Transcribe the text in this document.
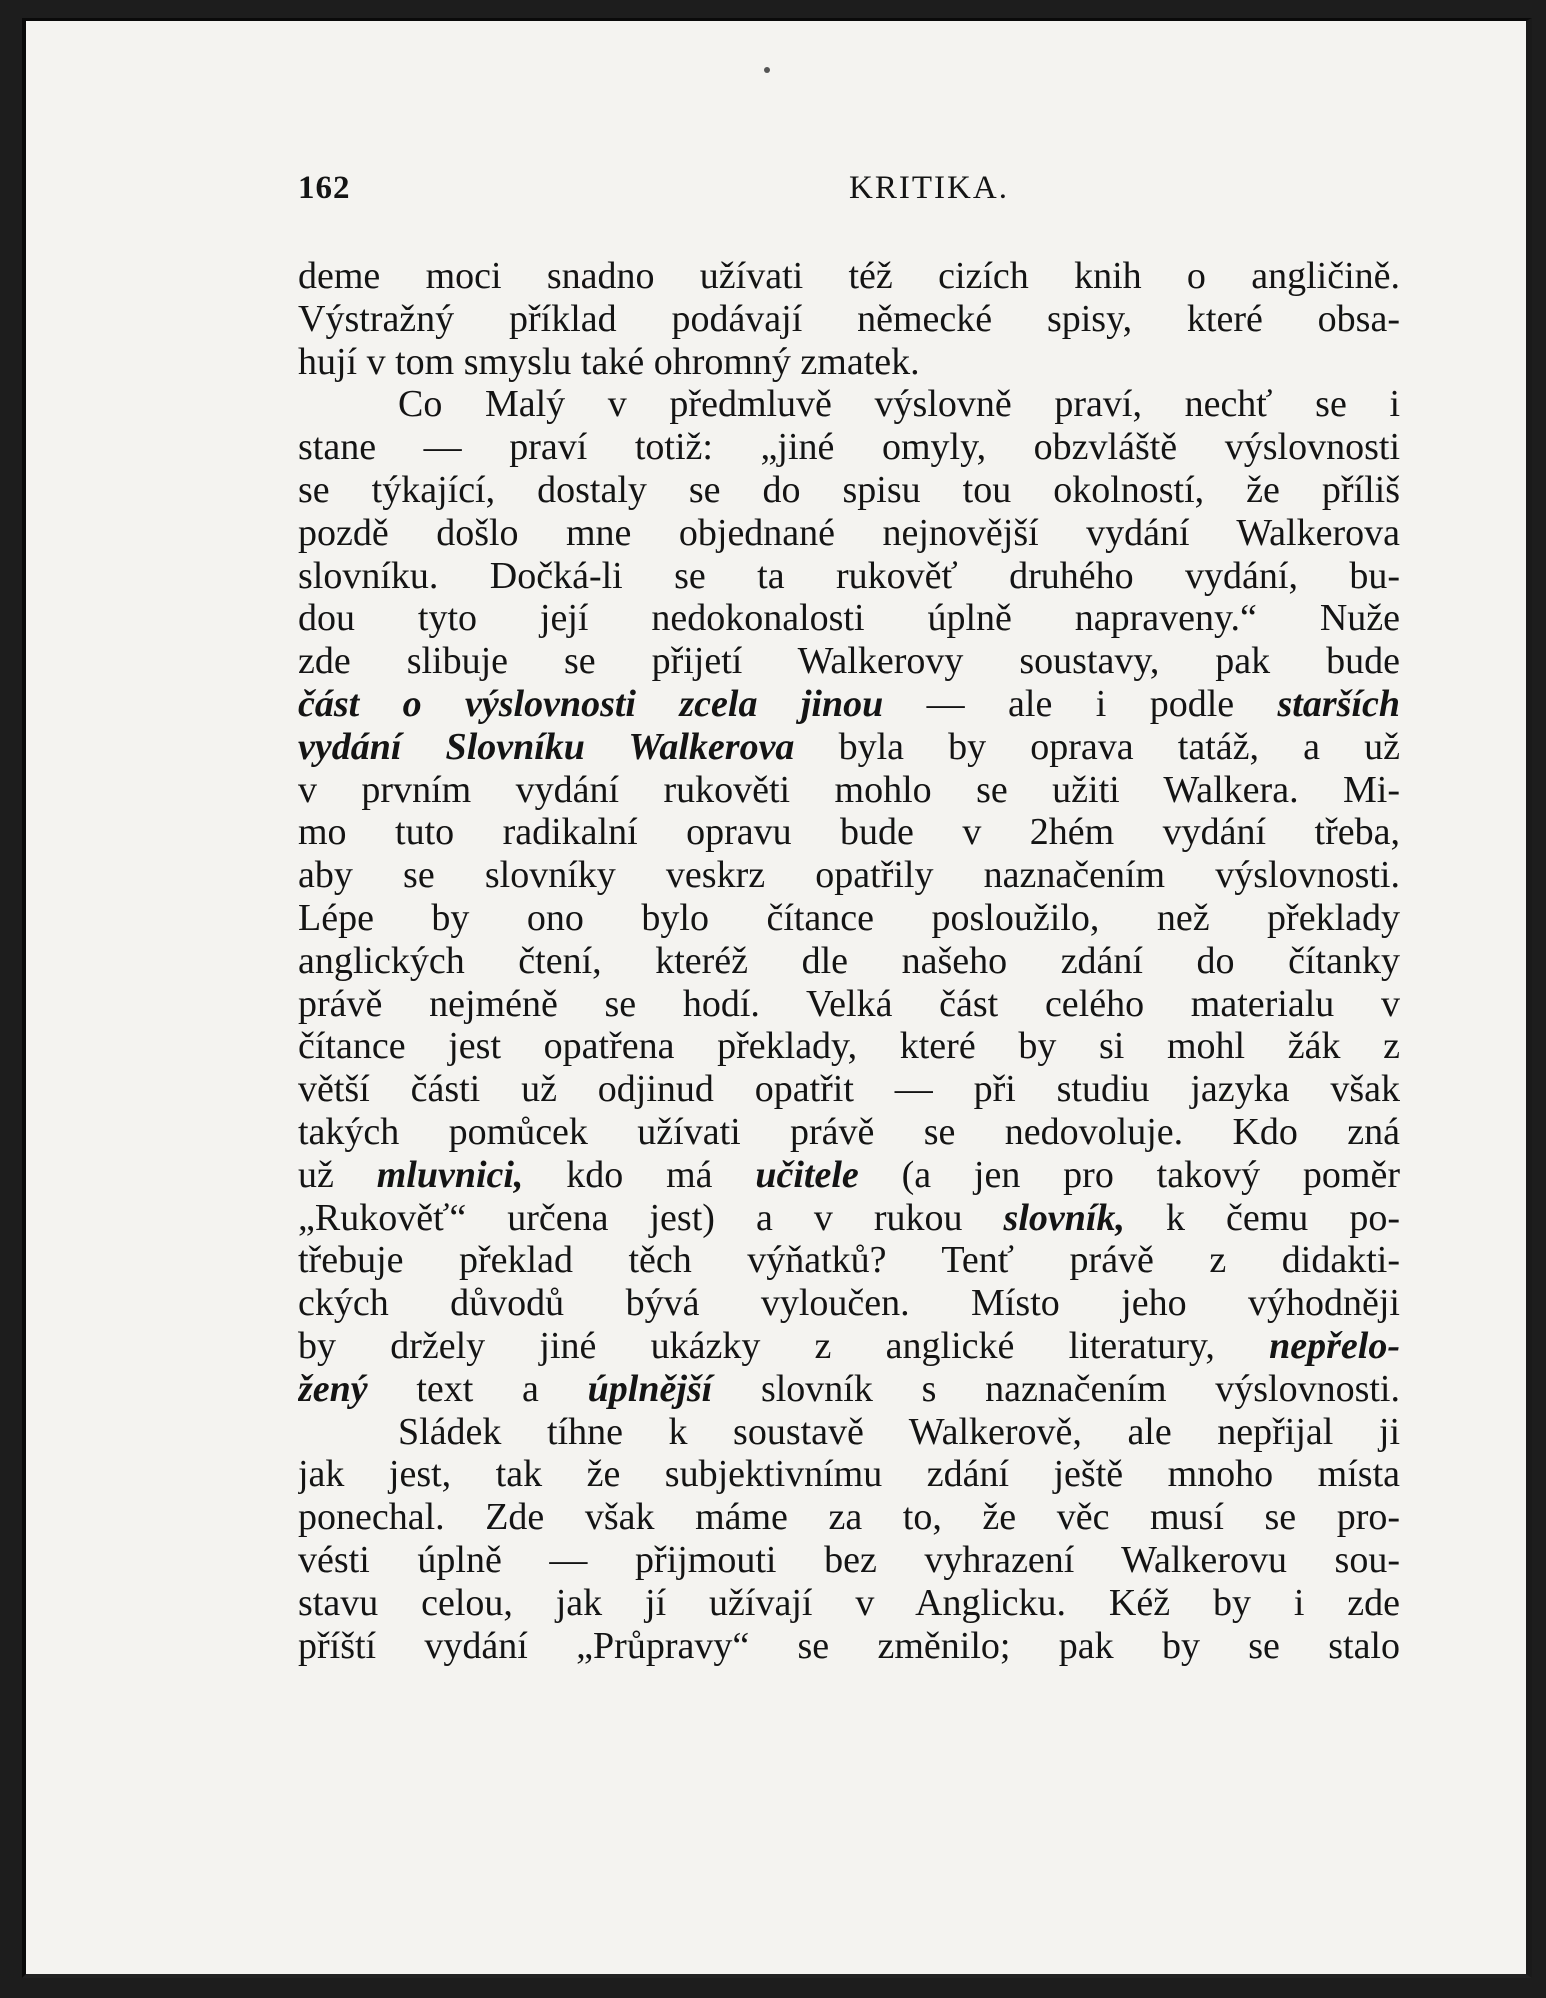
162	KRITIKA.
deme moci snadno užívati též cizích knih o angličině.
Výstražný příklad podávají německé spisy, které obsa-
hují v tom smyslu také ohromný zmatek.
Co Malý v předmluvě výslovně praví, nechť se i
stane — praví totiž: „jiné omyly, obzvláště výslovnosti
se týkající, dostaly se do spisu tou okolností, že příliš
pozdě došlo mne objednané nejnovější vydání Walkerova
slovníku. Dočká-li se ta rukověť druhého vydání, bu-
dou tyto její nedokonalosti úplně napraveny.“ Nuže
zde slibuje se přijetí Walkerovy soustavy, pak bude
část o výslovnosti zcela jinou — ale i podle starších
vydání Slovníku Walkerova byla by oprava tatáž, a už
v prvním vydání rukověti mohlo se užiti Walkera. Mi-
mo tuto radikalní opravu bude v 2hém vydání třeba,
aby se slovníky veskrz opatřily naznačením výslovnosti.
Lépe by ono bylo čítance posloužilo, než překlady
anglických čtení, kteréž dle našeho zdání do čítanky
právě nejméně se hodí. Velká část celého materialu v
čítance jest opatřena překlady, které by si mohl žák z
větší části už odjinud opatřit — při studiu jazyka však
takých pomůcek užívati právě se nedovoluje. Kdo zná
už mluvnici, kdo má učitele (a jen pro takový poměr
„Rukověť“ určena jest) a v rukou slovník, k čemu po-
třebuje překlad těch výňatků? Tenť právě z didakti-
ckých důvodů bývá vyloučen. Místo jeho výhodněji
by držely jiné ukázky z anglické literatury, nepřelo-
žený text a úplnější slovník s naznačením výslovnosti.
Sládek tíhne k soustavě Walkerově, ale nepřijal ji
jak jest, tak že subjektivnímu zdání ještě mnoho místa
ponechal. Zde však máme za to, že věc musí se pro-
vésti úplně — přijmouti bez vyhrazení Walkerovu sou-
stavu celou, jak jí užívají v Anglicku. Kéž by i zde
příští vydání „Průpravy“ se změnilo; pak by se stalo
